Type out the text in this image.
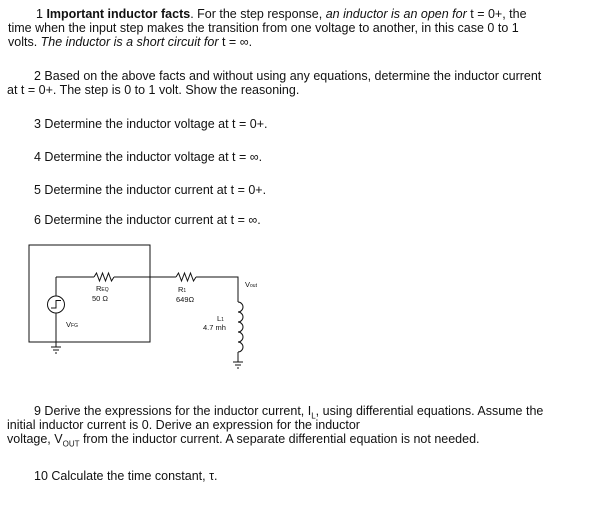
1 Important inductor facts. For the step response, an inductor is an open for t = 0+, the
time when the input step makes the transition from one voltage to another, in this case 0 to 1
volts. The inductor is a short circuit for t = ∞.
2 Based on the above facts and without using any equations, determine the inductor current
at t = 0+. The step is 0 to 1 volt. Show the reasoning.
3 Determine the inductor voltage at t = 0+.
4 Determine the inductor voltage at t = ∞.
5 Determine the inductor current at t = 0+.
6 Determine the inductor current at t = ∞.
REQ
50 Ω
R1
649Ω
L1
4.7 mh
VFG
Vout
9 Derive the expressions for the inductor current, $I_L$, using differential equations. Assume the
initial inductor current is 0. Derive an expression for the inductor
voltage, $V_{OUT}$ from the inductor current. A separate differential equation is not needed.
10 Calculate the time constant, τ.
